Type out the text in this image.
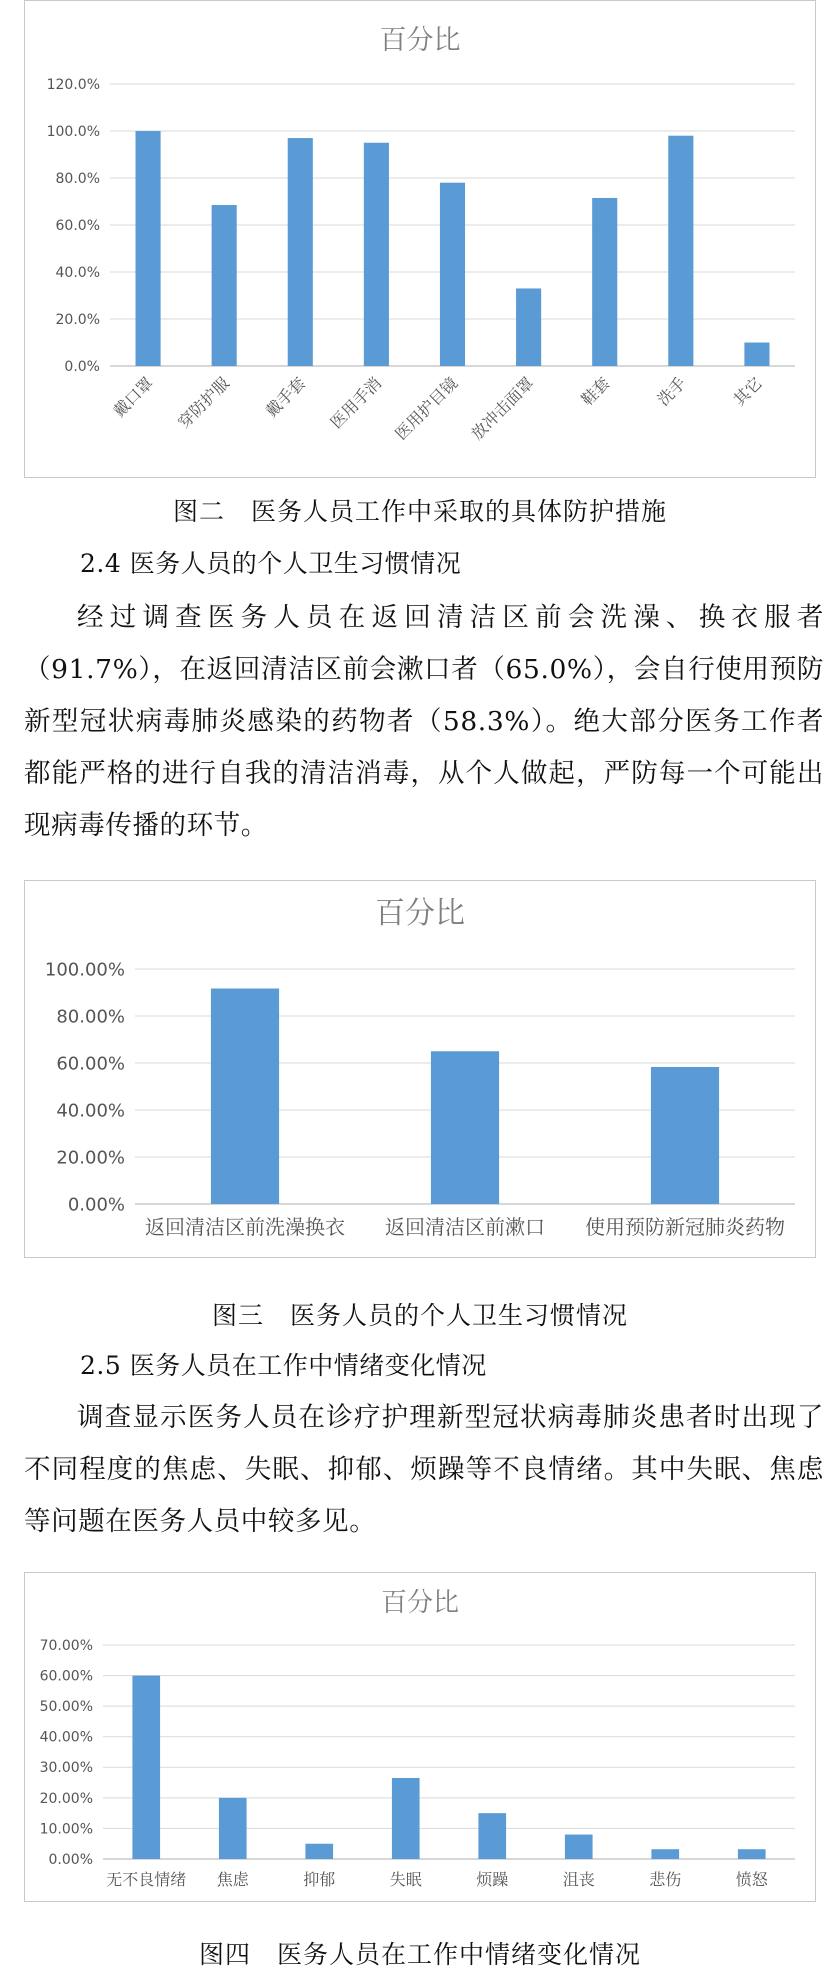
百分比
0.0%
20.0%
40.0%
60.0%
80.0%
100.0%
120.0%
戴口罩 穿防护服 戴手套 医用手消 医用护目镜 放冲击面罩	鞋套	洗手	其它
图二　医务人员工作中采取的具体防护措施
2.4 医务人员的个人卫生习惯情况

经过调查医务人员在返回清洁区前会洗澡、换衣服者（91.7%），在返回清洁区前会漱口者（65.0%），会自行使用预防新型冠状病毒肺炎感染的药物者（58.3%）。绝大部分医务工作者都能严格的进行自我的清洁消毒，从个人做起，严防每一个可能出现病毒传播的环节。

百分比
0.00%
20.00%
40.00%
60.00%
80.00%
100.00%
返回清洁区前洗澡换衣 返回清洁区前漱口 使用预防新冠肺炎药物
图三　医务人员的个人卫生习惯情况
2.5 医务人员在工作中情绪变化情况

调查显示医务人员在诊疗护理新型冠状病毒肺炎患者时出现了不同程度的焦虑、失眠、抑郁、烦躁等不良情绪。其中失眠、焦虑等问题在医务人员中较多见。

百分比
0.00%
10.00%
20.00%
30.00%
40.00%
50.00%
60.00%
70.00%
无不良情绪 焦虑	抑郁	失眠	烦躁	沮丧	悲伤	愤怒
图四　医务人员在工作中情绪变化情况
